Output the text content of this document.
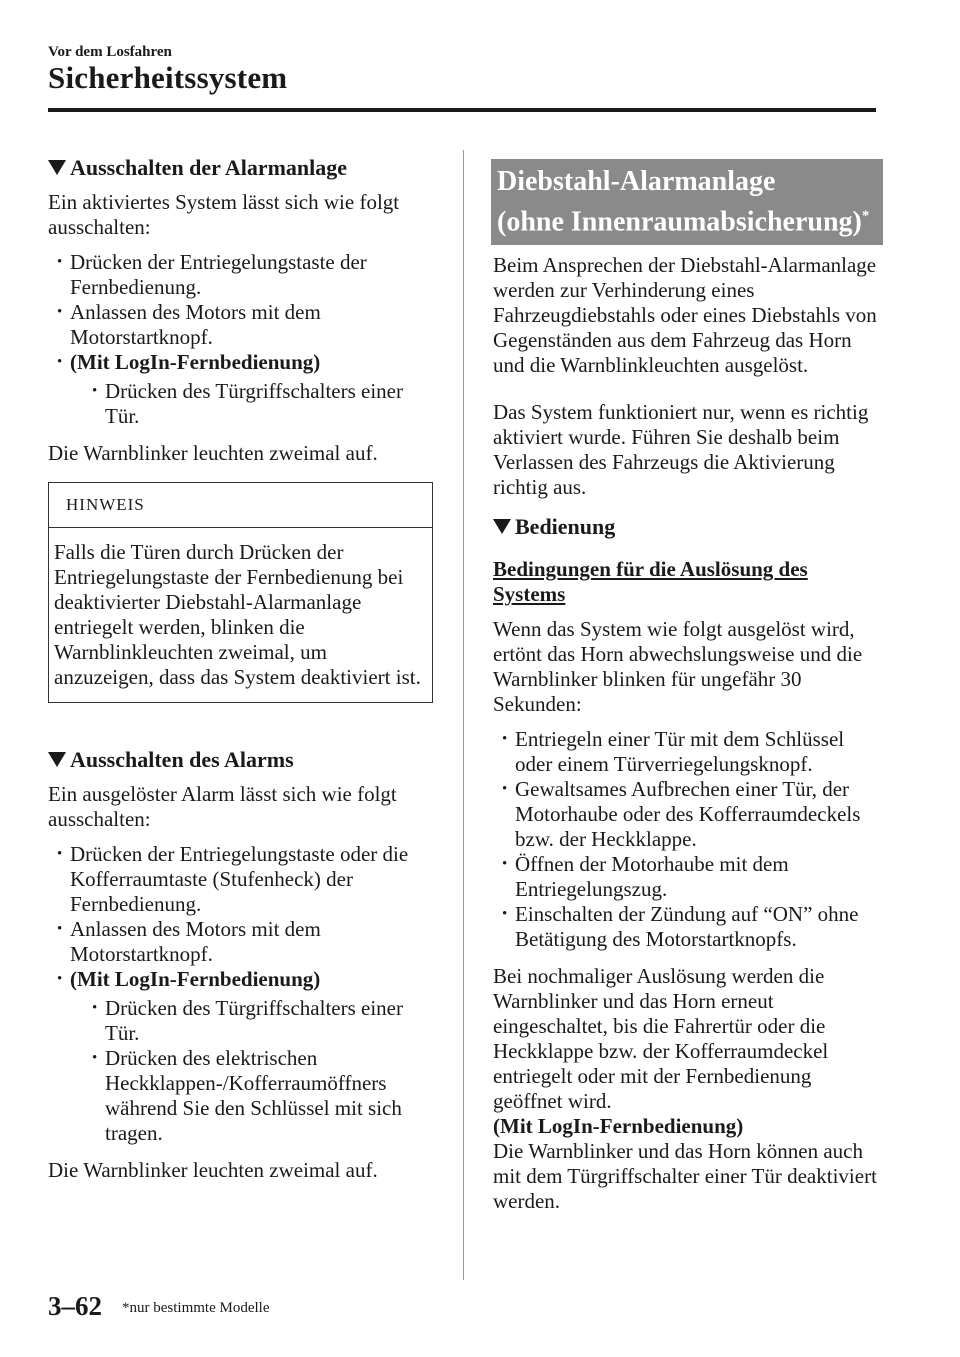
Vor dem Losfahren
Sicherheitssystem
Ausschalten der Alarmanlage

Ein aktiviertes System lässt sich wie folgt ausschalten:

• Drücken der Entriegelungstaste der Fernbedienung.
• Anlassen des Motors mit dem Motorstartknopf.
• (Mit LogIn-Fernbedienung)
• Drücken des Türgriffschalters einer Tür.

Die Warnblinker leuchten zweimal auf.

HINWEIS
Falls die Türen durch Drücken der Entriegelungstaste der Fernbedienung bei deaktivierter Diebstahl-Alarmanlage entriegelt werden, blinken die Warnblinkleuchten zweimal, um anzuzeigen, dass das System deaktiviert ist.
Ausschalten des Alarms

Ein ausgelöster Alarm lässt sich wie folgt ausschalten:

• Drücken der Entriegelungstaste oder die Kofferraumtaste (Stufenheck) der Fernbedienung.
• Anlassen des Motors mit dem Motorstartknopf.
• (Mit LogIn-Fernbedienung)
• Drücken des Türgriffschalters einer Tür.
• Drücken des elektrischen Heckklappen-/Kofferraumöffners während Sie den Schlüssel mit sich tragen.

Die Warnblinker leuchten zweimal auf.

Diebstahl-Alarmanlage
(ohne Innenraumabsicherung)*

Beim Ansprechen der Diebstahl-Alarmanlage werden zur Verhinderung eines Fahrzeugdiebstahls oder eines Diebstahls von Gegenständen aus dem Fahrzeug das Horn und die Warnblinkleuchten ausgelöst.

Das System funktioniert nur, wenn es richtig aktiviert wurde. Führen Sie deshalb beim Verlassen des Fahrzeugs die Aktivierung richtig aus.

Bedienung

Bedingungen für die Auslösung des Systems

Wenn das System wie folgt ausgelöst wird, ertönt das Horn abwechslungsweise und die Warnblinker blinken für ungefähr 30 Sekunden:

• Entriegeln einer Tür mit dem Schlüssel oder einem Türverriegelungsknopf.
• Gewaltsames Aufbrechen einer Tür, der Motorhaube oder des Kofferraumdeckels bzw. der Heckklappe.
• Öffnen der Motorhaube mit dem Entriegelungszug.
• Einschalten der Zündung auf “ON” ohne Betätigung des Motorstartknopfs.

Bei nochmaliger Auslösung werden die Warnblinker und das Horn erneut eingeschaltet, bis die Fahrertür oder die Heckklappe bzw. der Kofferraumdeckel entriegelt oder mit der Fernbedienung geöffnet wird.

(Mit LogIn-Fernbedienung)

Die Warnblinker und das Horn können auch mit dem Türgriffschalter einer Tür deaktiviert werden.

3–62 *nur bestimmte Modelle
